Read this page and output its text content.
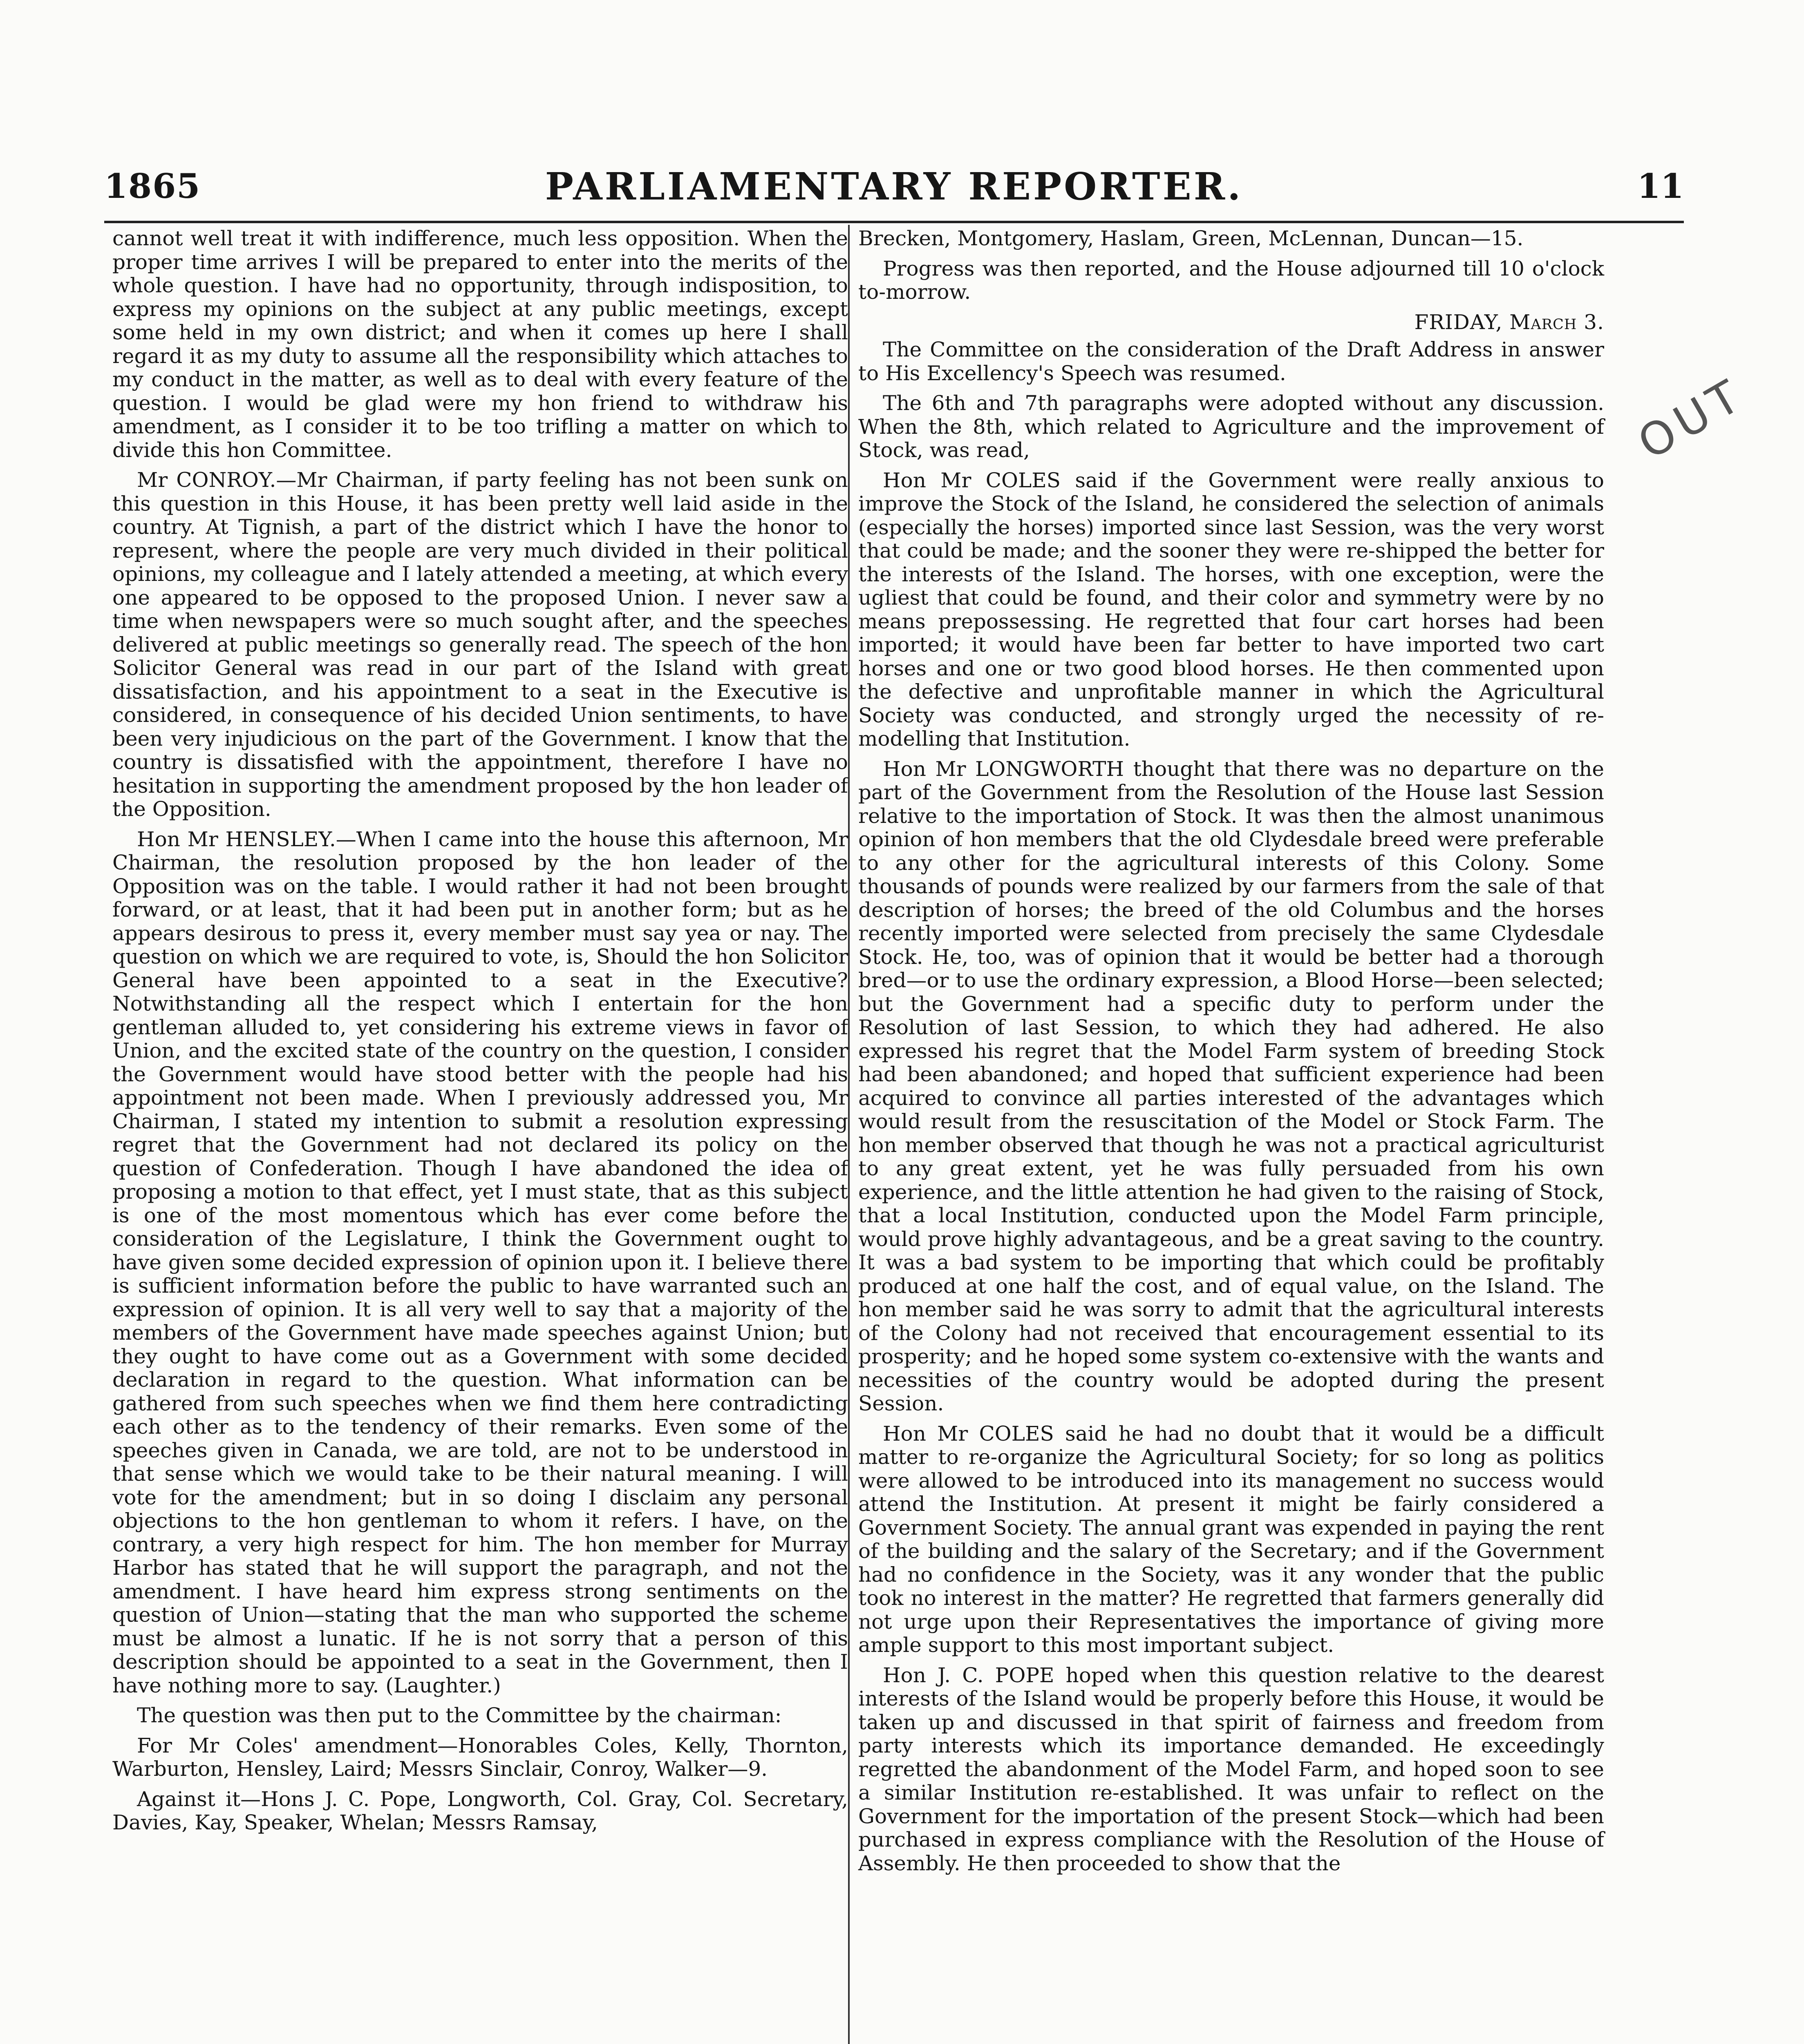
1865	PARLIAMENTARY REPORTER.	11

cannot well treat it with indifference, much less opposition. When the proper time arrives I will be prepared to enter into the merits of the whole question. I have had no opportunity, through indisposition, to express my opinions on the subject at any public meetings, except some held in my own district; and when it comes up here I shall regard it as my duty to assume all the responsibility which attaches to my conduct in the matter, as well as to deal with every feature of the question. I would be glad were my hon friend to withdraw his amendment, as I consider it to be too trifling a matter on which to divide this hon Committee.

Mr CONROY.—Mr Chairman, if party feeling has not been sunk on this question in this House, it has been pretty well laid aside in the country. At Tignish, a part of the district which I have the honor to represent, where the people are very much divided in their political opinions, my colleague and I lately attended a meeting, at which every one appeared to be opposed to the proposed Union. I never saw a time when newspapers were so much sought after, and the speeches delivered at public meetings so generally read. The speech of the hon Solicitor General was read in our part of the Island with great dissatisfaction, and his appointment to a seat in the Executive is considered, in consequence of his decided Union sentiments, to have been very injudicious on the part of the Government. I know that the country is dissatisfied with the appointment, therefore I have no hesitation in supporting the amendment proposed by the hon leader of the Opposition.

Hon Mr HENSLEY.—When I came into the house this afternoon, Mr Chairman, the resolution proposed by the hon leader of the Opposition was on the table. I would rather it had not been brought forward, or at least, that it had been put in another form; but as he appears desirous to press it, every member must say yea or nay. The question on which we are required to vote, is, Should the hon Solicitor General have been appointed to a seat in the Executive? Notwithstanding all the respect which I entertain for the hon gentleman alluded to, yet considering his extreme views in favor of Union, and the excited state of the country on the question, I consider the Government would have stood better with the people had his appointment not been made. When I previously addressed you, Mr Chairman, I stated my intention to submit a resolution expressing regret that the Government had not declared its policy on the question of Confederation. Though I have abandoned the idea of proposing a motion to that effect, yet I must state, that as this subject is one of the most momentous which has ever come before the consideration of the Legislature, I think the Government ought to have given some decided expression of opinion upon it. I believe there is sufficient information before the public to have warranted such an expression of opinion. It is all very well to say that a majority of the members of the Government have made speeches against Union; but they ought to have come out as a Government with some decided declaration in regard to the question. What information can be gathered from such speeches when we find them here contradicting each other as to the tendency of their remarks. Even some of the speeches given in Canada, we are told, are not to be understood in that sense which we would take to be their natural meaning. I will vote for the amendment; but in so doing I disclaim any personal objections to the hon gentleman to whom it refers. I have, on the contrary, a very high respect for him. The hon member for Murray Harbor has stated that he will support the paragraph, and not the amendment. I have heard him express strong sentiments on the question of Union—stating that the man who supported the scheme must be almost a lunatic. If he is not sorry that a person of this description should be appointed to a seat in the Government, then I have nothing more to say. (Laughter.)

The question was then put to the Committee by the chairman:

For Mr Coles' amendment—Honorables Coles, Kelly, Thornton, Warburton, Hensley, Laird; Messrs Sinclair, Conroy, Walker—9.

Against it—Hons J. C. Pope, Longworth, Col. Gray, Col. Secretary, Davies, Kay, Speaker, Whelan; Messrs Ramsay,

Brecken, Montgomery, Haslam, Green, McLennan, Duncan—15.

Progress was then reported, and the House adjourned till 10 o'clock to-morrow.

FRIDAY, March 3.

The Committee on the consideration of the Draft Address in answer to His Excellency's Speech was resumed.

The 6th and 7th paragraphs were adopted without any discussion. When the 8th, which related to Agriculture and the improvement of Stock, was read,

Hon Mr COLES said if the Government were really anxious to improve the Stock of the Island, he considered the selection of animals (especially the horses) imported since last Session, was the very worst that could be made; and the sooner they were re-shipped the better for the interests of the Island. The horses, with one exception, were the ugliest that could be found, and their color and symmetry were by no means prepossessing. He regretted that four cart horses had been imported; it would have been far better to have imported two cart horses and one or two good blood horses. He then commented upon the defective and unprofitable manner in which the Agricultural Society was conducted, and strongly urged the necessity of re-modelling that Institution.

Hon Mr LONGWORTH thought that there was no departure on the part of the Government from the Resolution of the House last Session relative to the importation of Stock. It was then the almost unanimous opinion of hon members that the old Clydesdale breed were preferable to any other for the agricultural interests of this Colony. Some thousands of pounds were realized by our farmers from the sale of that description of horses; the breed of the old Columbus and the horses recently imported were selected from precisely the same Clydesdale Stock. He, too, was of opinion that it would be better had a thorough bred—or to use the ordinary expression, a Blood Horse—been selected; but the Government had a specific duty to perform under the Resolution of last Session, to which they had adhered. He also expressed his regret that the Model Farm system of breeding Stock had been abandoned; and hoped that sufficient experience had been acquired to convince all parties interested of the advantages which would result from the resuscitation of the Model or Stock Farm. The hon member observed that though he was not a practical agriculturist to any great extent, yet he was fully persuaded from his own experience, and the little attention he had given to the raising of Stock, that a local Institution, conducted upon the Model Farm principle, would prove highly advantageous, and be a great saving to the country. It was a bad system to be importing that which could be profitably produced at one half the cost, and of equal value, on the Island. The hon member said he was sorry to admit that the agricultural interests of the Colony had not received that encouragement essential to its prosperity; and he hoped some system co-extensive with the wants and necessities of the country would be adopted during the present Session.

Hon Mr COLES said he had no doubt that it would be a difficult matter to re-organize the Agricultural Society; for so long as politics were allowed to be introduced into its management no success would attend the Institution. At present it might be fairly considered a Government Society. The annual grant was expended in paying the rent of the building and the salary of the Secretary; and if the Government had no confidence in the Society, was it any wonder that the public took no interest in the matter? He regretted that farmers generally did not urge upon their Representatives the importance of giving more ample support to this most important subject.

Hon J. C. POPE hoped when this question relative to the dearest interests of the Island would be properly before this House, it would be taken up and discussed in that spirit of fairness and freedom from party interests which its importance demanded. He exceedingly regretted the abandonment of the Model Farm, and hoped soon to see a similar Institution re-established. It was unfair to reflect on the Government for the importation of the present Stock—which had been purchased in express compliance with the Resolution of the House of Assembly. He then proceeded to show that the

OUT
